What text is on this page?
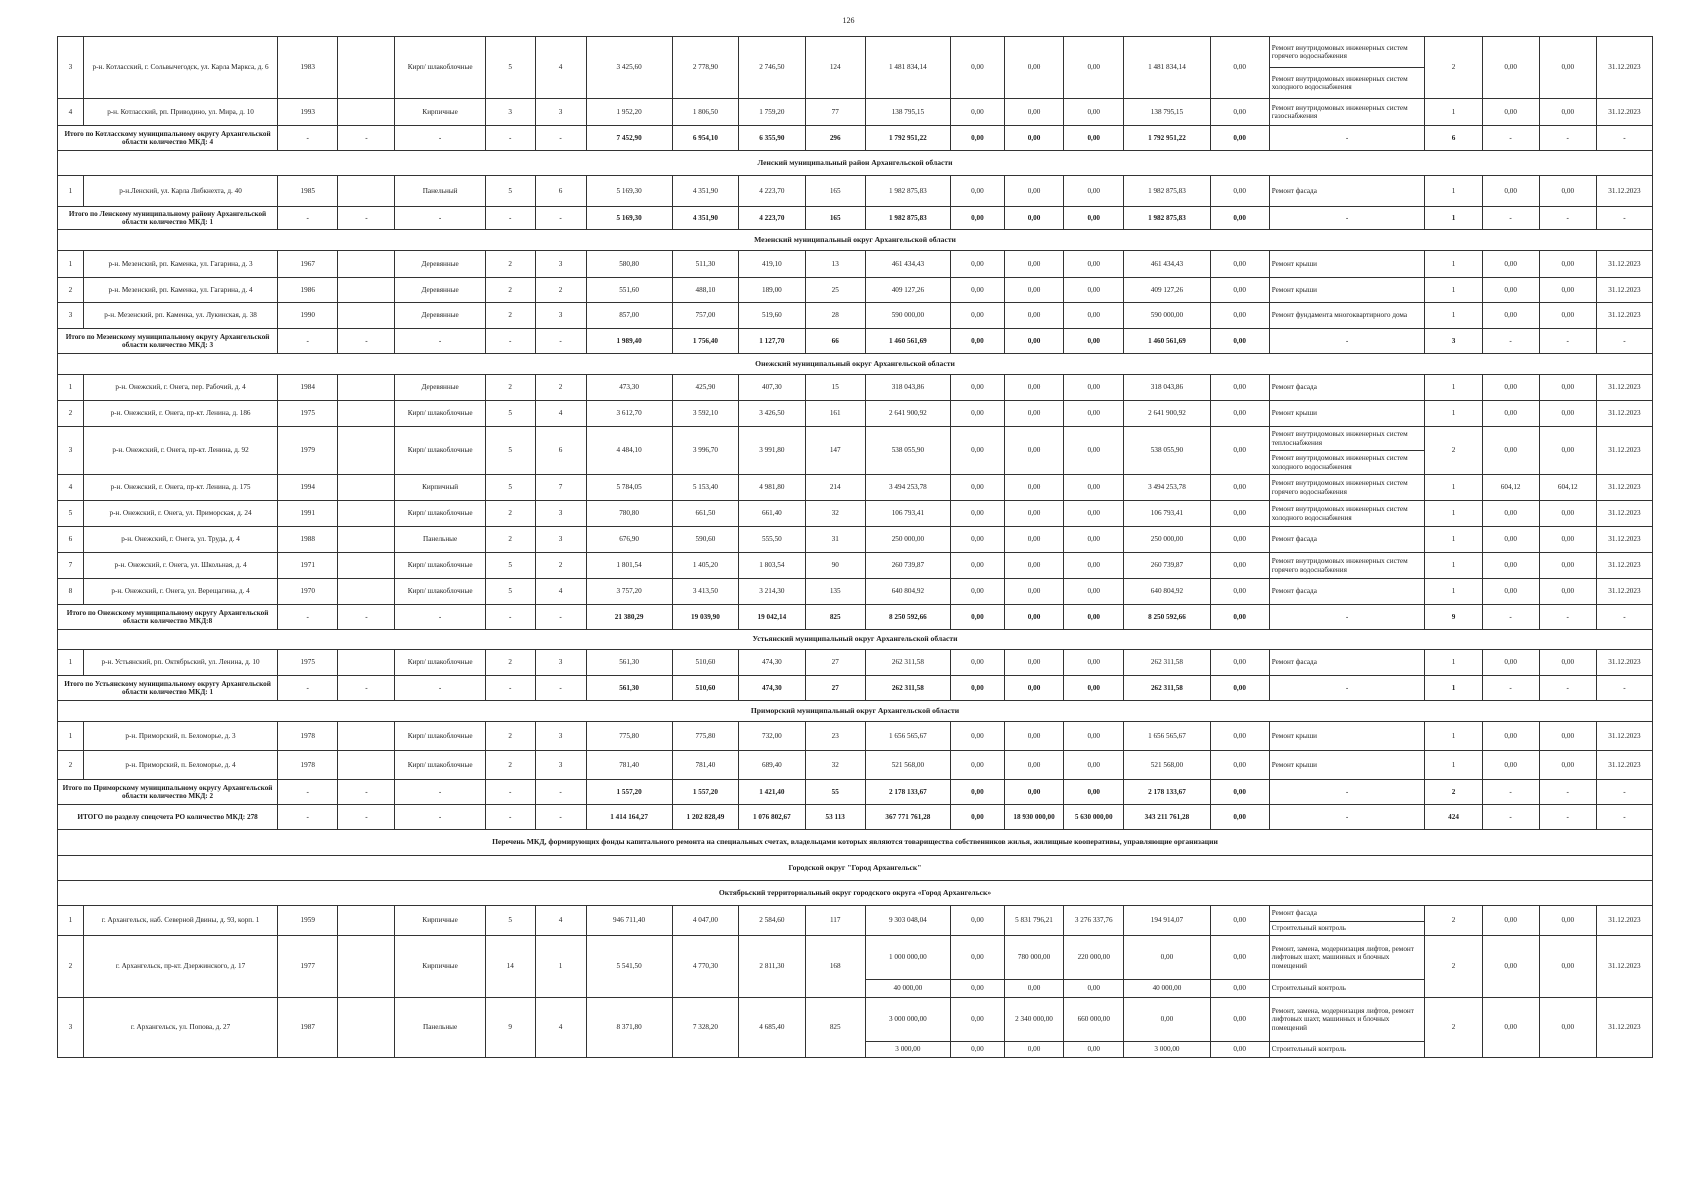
126
3	р-н. Котласский, г. Сольвычегодск, ул. Карла Маркса, д. 6	1983		Кирп/ шлакоблочные	5	4	3 425,60	2 778,90	2 746,50	124	1 481 834,14	0,00	0,00	0,00	1 481 834,14	0,00	Ремонт внутридомовых инженерных систем горячего водоснабжения	2	0,00	0,00	31.12.2023
																	Ремонт внутридомовых инженерных систем холодного водоснабжения				
4	р-н. Котласский, рп. Приводино, ул. Мира, д. 10	1993		Кирпичные	3	3	1 952,20	1 806,50	1 759,20	77	138 795,15	0,00	0,00	0,00	138 795,15	0,00	Ремонт внутридомовых инженерных систем газоснабжения	1	0,00	0,00	31.12.2023
Итого по Котласскому муниципальному округу Архангельской области количество МКД: 4		-	-	-	-	-	7 452,90	6 954,10	6 355,90	296	1 792 951,22	0,00	0,00	0,00	1 792 951,22	0,00	-	6	-	-	-
Ленский муниципальный район Архангельской области																					
1	р-н.Ленский, ул. Карла Либкнехта, д. 40	1985		Панельный	5	6	5 169,30	4 351,90	4 223,70	165	1 982 875,83	0,00	0,00	0,00	1 982 875,83	0,00	Ремонт фасада	1	0,00	0,00	31.12.2023
Итого по Ленскому муниципальному району Архангельской области количество МКД: 1		-	-	-	-	-	5 169,30	4 351,90	4 223,70	165	1 982 875,83	0,00	0,00	0,00	1 982 875,83	0,00	-	1	-	-	-
Мезенский муниципальный округ Архангельской области																					
1	р-н. Мезенский, рп. Каменка, ул. Гагарина, д. 3	1967		Деревянные	2	3	580,80	511,30	419,10	13	461 434,43	0,00	0,00	0,00	461 434,43	0,00	Ремонт крыши	1	0,00	0,00	31.12.2023
2	р-н. Мезенский, рп. Каменка, ул. Гагарина, д. 4	1986		Деревянные	2	2	551,60	488,10	189,00	25	409 127,26	0,00	0,00	0,00	409 127,26	0,00	Ремонт крыши	1	0,00	0,00	31.12.2023
3	р-н. Мезенский, рп. Каменка, ул. Лукинская, д. 38	1990		Деревянные	2	3	857,00	757,00	519,60	28	590 000,00	0,00	0,00	0,00	590 000,00	0,00	Ремонт фундамента многоквартирного дома	1	0,00	0,00	31.12.2023
Итого по Мезенскому муниципальному округу Архангельской области количество МКД: 3		-	-	-	-	-	1 989,40	1 756,40	1 127,70	66	1 460 561,69	0,00	0,00	0,00	1 460 561,69	0,00	-	3	-	-	-
Онежский муниципальный округ Архангельской области																					
1	р-н. Онежский, г. Онега, пер. Рабочий, д. 4	1984		Деревянные	2	2	473,30	425,90	407,30	15	318 043,86	0,00	0,00	0,00	318 043,86	0,00	Ремонт фасада	1	0,00	0,00	31.12.2023
2	р-н. Онежский, г. Онега, пр-кт. Ленина, д. 186	1975		Кирп/ шлакоблочные	5	4	3 612,70	3 592,10	3 426,50	161	2 641 900,92	0,00	0,00	0,00	2 641 900,92	0,00	Ремонт крыши	1	0,00	0,00	31.12.2023
3	р-н. Онежский, г. Онега, пр-кт. Ленина, д. 92	1979		Кирп/ шлакоблочные	5	6	4 484,10	3 996,70	3 991,80	147	538 055,90	0,00	0,00	0,00	538 055,90	0,00	Ремонт внутридомовых инженерных систем теплоснабжения	2	0,00	0,00	31.12.2023
																	Ремонт внутридомовых инженерных систем холодного водоснабжения				
4	р-н. Онежский, г. Онега, пр-кт. Ленина, д. 175	1994		Кирпичный	5	7	5 784,05	5 153,40	4 981,80	214	3 494 253,78	0,00	0,00	0,00	3 494 253,78	0,00	Ремонт внутридомовых инженерных систем горячего водоснабжения	1	604,12	604,12	31.12.2023
5	р-н. Онежский, г. Онега, ул. Приморская, д. 24	1991		Кирп/ шлакоблочные	2	3	780,80	661,50	661,40	32	106 793,41	0,00	0,00	0,00	106 793,41	0,00	Ремонт внутридомовых инженерных систем холодного водоснабжения	1	0,00	0,00	31.12.2023
6	р-н. Онежский, г. Онега, ул. Труда, д. 4	1988		Панельные	2	3	676,90	590,60	555,50	31	250 000,00	0,00	0,00	0,00	250 000,00	0,00	Ремонт фасада	1	0,00	0,00	31.12.2023
7	р-н. Онежский, г. Онега, ул. Школьная, д. 4	1971		Кирп/ шлакоблочные	5	2	1 801,54	1 405,20	1 803,54	90	260 739,87	0,00	0,00	0,00	260 739,87	0,00	Ремонт внутридомовых инженерных систем горячего водоснабжения	1	0,00	0,00	31.12.2023
8	р-н. Онежский, г. Онега, ул. Верещагина, д. 4	1970		Кирп/ шлакоблочные	5	4	3 757,20	3 413,50	3 214,30	135	640 804,92	0,00	0,00	0,00	640 804,92	0,00	Ремонт фасада	1	0,00	0,00	31.12.2023
Итого по Онежскому муниципальному округу Архангельской области количество МКД:8		-	-	-	-	-	21 380,29	19 039,90	19 042,14	825	8 250 592,66	0,00	0,00	0,00	8 250 592,66	0,00	-	9	-	-	-
Устьянский муниципальный округ Архангельской области																					
1	р-н. Устьянский, рп. Октябрьский, ул. Ленина, д. 10	1975		Кирп/ шлакоблочные	2	3	561,30	510,60	474,30	27	262 311,58	0,00	0,00	0,00	262 311,58	0,00	Ремонт фасада	1	0,00	0,00	31.12.2023
Итого по Устьянскому муниципальному округу Архангельской области количество МКД: 1		-	-	-	-	-	561,30	510,60	474,30	27	262 311,58	0,00	0,00	0,00	262 311,58	0,00	-	1	-	-	-
Приморский муниципальный округ Архангельской области																					
1	р-н. Приморский, п. Беломорье, д. 3	1978		Кирп/ шлакоблочные	2	3	775,80	775,80	732,00	23	1 656 565,67	0,00	0,00	0,00	1 656 565,67	0,00	Ремонт крыши	1	0,00	0,00	31.12.2023
2	р-н. Приморский, п. Беломорье, д. 4	1978		Кирп/ шлакоблочные	2	3	781,40	781,40	689,40	32	521 568,00	0,00	0,00	0,00	521 568,00	0,00	Ремонт крыши	1	0,00	0,00	31.12.2023
Итого по Приморскому муниципальному округу Архангельской области количество МКД: 2		-	-	-	-	-	1 557,20	1 557,20	1 421,40	55	2 178 133,67	0,00	0,00	0,00	2 178 133,67	0,00	-	2	-	-	-
ИТОГО по разделу спецсчета РО количество МКД: 278		-	-	-	-	-	1 414 164,27	1 202 828,49	1 076 802,67	53 113	367 771 761,28	0,00	18 930 000,00	5 630 000,00	343 211 761,28	0,00	-	424	-	-	-
Перечень МКД, формирующих фонды капитального ремонта на специальных счетах, владельцами которых являются товарищества собственников жилья, жилищные кооперативы, управляющие организации																					
Городской округ "Город Архангельск"																					
Октябрьский территориальный округ городского округа «Город Архангельск»																					
1	г. Архангельск, наб. Северной Двины, д. 93, корп. 1	1959		Кирпичные	5	4	946 711,40	4 047,00	2 584,60	117	9 303 048,04	0,00	5 831 796,21	3 276 337,76	194 914,07	0,00	Ремонт фасада	2	0,00	0,00	31.12.2023
																	Строительный контроль				
2	г. Архангельск, пр-кт. Дзержинского, д. 17	1977		Кирпичные	14	1	5 541,50	4 770,30	2 811,30	168	1 000 000,00	0,00	780 000,00	220 000,00	0,00	0,00	Ремонт, замена, модернизация лифтов, ремонт лифтовых шахт, машинных и блочных помещений	2	0,00	0,00	31.12.2023
											40 000,00	0,00	0,00	0,00	40 000,00	0,00	Строительный контроль				
3	г. Архангельск, ул. Попова, д. 27	1987		Панельные	9	4	8 371,80	7 328,20	4 685,40	825	3 000 000,00	0,00	2 340 000,00	660 000,00	0,00	0,00	Ремонт, замена, модернизация лифтов, ремонт лифтовых шахт, машинных и блочных помещений	2	0,00	0,00	31.12.2023
											3 000,00	0,00	0,00	0,00	3 000,00	0,00	Строительный контроль				
